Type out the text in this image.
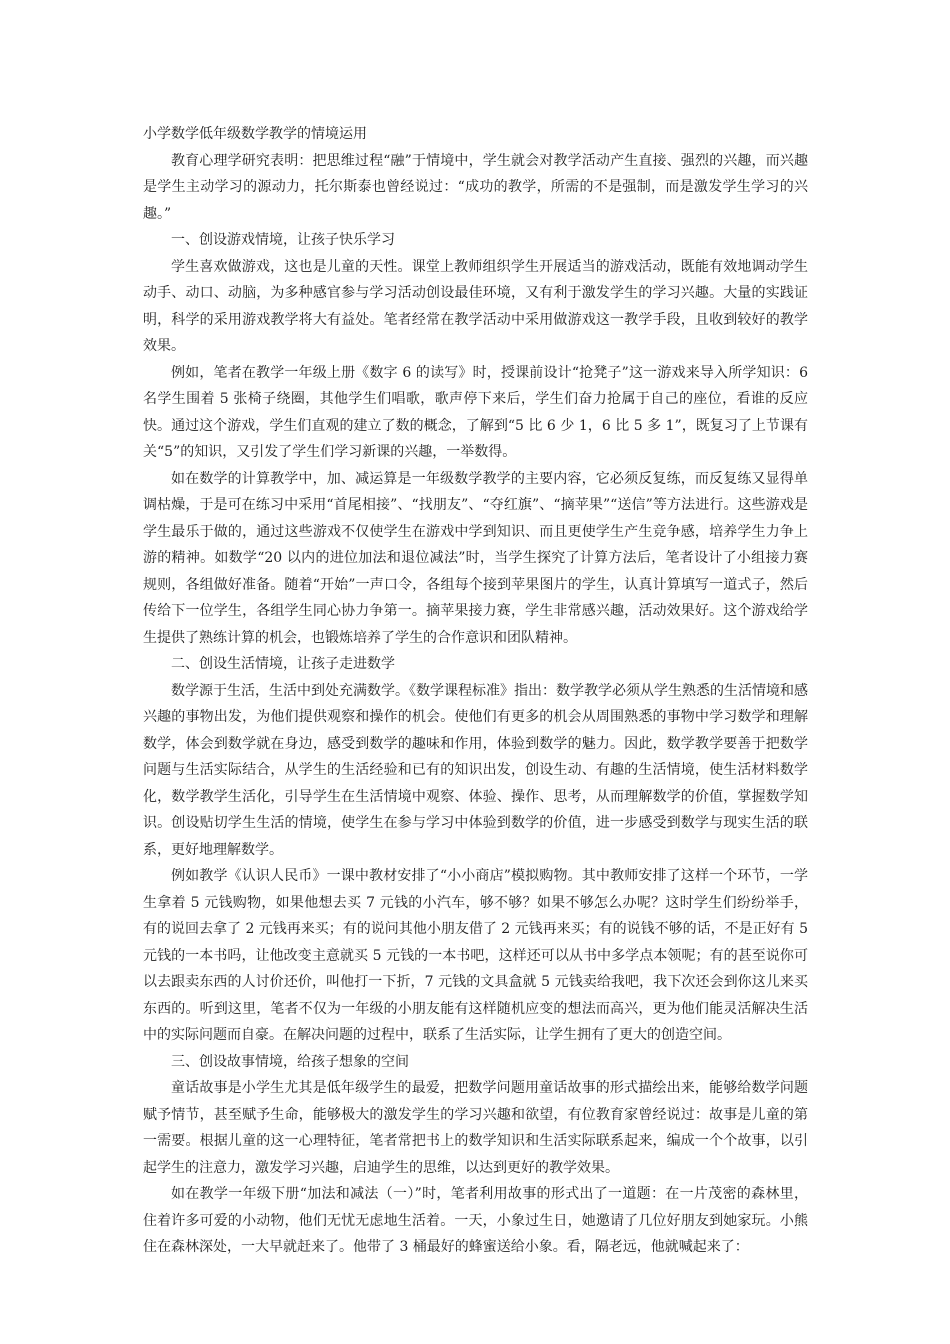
小学数学低年级数学教学的情境运用

教育心理学研究表明：把思维过程“融”于情境中，学生就会对教学活动产生直接、强烈的兴趣，而兴趣是学生主动学习的源动力，托尔斯泰也曾经说过：“成功的教学，所需的不是强制，而是激发学生学习的兴趣。”

一、创设游戏情境，让孩子快乐学习

学生喜欢做游戏，这也是儿童的天性。课堂上教师组织学生开展适当的游戏活动，既能有效地调动学生动手、动口、动脑，为多种感官参与学习活动创设最佳环境，又有利于激发学生的学习兴趣。大量的实践证明，科学的采用游戏教学将大有益处。笔者经常在教学活动中采用做游戏这一教学手段，且收到较好的教学效果。

例如，笔者在教学一年级上册《数字 6 的读写》时，授课前设计“抢凳子”这一游戏来导入所学知识：6 名学生围着 5 张椅子绕圈，其他学生们唱歌，歌声停下来后，学生们奋力抢属于自己的座位，看谁的反应快。通过这个游戏，学生们直观的建立了数的概念，了解到“5 比 6 少 1，6 比 5 多 1”，既复习了上节课有关“5”的知识，又引发了学生们学习新课的兴趣，一举数得。

如在数学的计算教学中，加、减运算是一年级数学教学的主要内容，它必须反复练，而反复练又显得单调枯燥，于是可在练习中采用“首尾相接”、“找朋友”、“夺红旗”、“摘苹果”“送信”等方法进行。这些游戏是学生最乐于做的，通过这些游戏不仅使学生在游戏中学到知识、而且更使学生产生竞争感，培养学生力争上游的精神。如数学“20 以内的进位加法和退位减法”时，当学生探究了计算方法后，笔者设计了小组接力赛规则，各组做好准备。随着“开始”一声口令，各组每个接到苹果图片的学生，认真计算填写一道式子，然后传给下一位学生，各组学生同心协力争第一。摘苹果接力赛，学生非常感兴趣，活动效果好。这个游戏给学生提供了熟练计算的机会，也锻炼培养了学生的合作意识和团队精神。

二、创设生活情境，让孩子走进数学

数学源于生活，生活中到处充满数学。《数学课程标准》指出：数学教学必须从学生熟悉的生活情境和感兴趣的事物出发，为他们提供观察和操作的机会。使他们有更多的机会从周围熟悉的事物中学习数学和理解数学，体会到数学就在身边，感受到数学的趣味和作用，体验到数学的魅力。因此，数学教学要善于把数学问题与生活实际结合，从学生的生活经验和已有的知识出发，创设生动、有趣的生活情境，使生活材料数学化，数学教学生活化，引导学生在生活情境中观察、体验、操作、思考，从而理解数学的价值，掌握数学知识。创设贴切学生生活的情境，使学生在参与学习中体验到数学的价值，进一步感受到数学与现实生活的联系，更好地理解数学。

例如教学《认识人民币》一课中教材安排了“小小商店”模拟购物。其中教师安排了这样一个环节，一学生拿着 5 元钱购物，如果他想去买 7 元钱的小汽车，够不够？如果不够怎么办呢？这时学生们纷纷举手，有的说回去拿了 2 元钱再来买；有的说问其他小朋友借了 2 元钱再来买；有的说钱不够的话，不是正好有 5 元钱的一本书吗，让他改变主意就买 5 元钱的一本书吧，这样还可以从书中多学点本领呢；有的甚至说你可以去跟卖东西的人讨价还价，叫他打一下折，7 元钱的文具盒就 5 元钱卖给我吧，我下次还会到你这儿来买东西的。听到这里，笔者不仅为一年级的小朋友能有这样随机应变的想法而高兴，更为他们能灵活解决生活中的实际问题而自豪。在解决问题的过程中，联系了生活实际，让学生拥有了更大的创造空间。

三、创设故事情境，给孩子想象的空间

童话故事是小学生尤其是低年级学生的最爱，把数学问题用童话故事的形式描绘出来，能够给数学问题赋予情节，甚至赋予生命，能够极大的激发学生的学习兴趣和欲望，有位教育家曾经说过：故事是儿童的第一需要。根据儿童的这一心理特征，笔者常把书上的数学知识和生活实际联系起来，编成一个个故事，以引起学生的注意力，激发学习兴趣，启迪学生的思维，以达到更好的教学效果。

如在教学一年级下册“加法和减法（一）”时，笔者利用故事的形式出了一道题：在一片茂密的森林里，住着许多可爱的小动物，他们无忧无虑地生活着。一天，小象过生日，她邀请了几位好朋友到她家玩。小熊住在森林深处，一大早就赶来了。他带了 3 桶最好的蜂蜜送给小象。看，隔老远，他就喊起来了：
